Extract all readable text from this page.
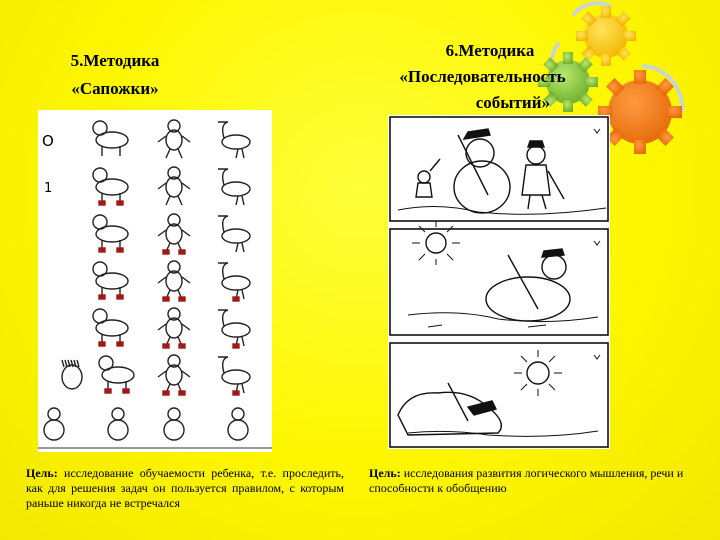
5.Методика

«Сапожки»

6.Методика

«Последовательность

событий»

O
1

Цель: исследование обучаемости ребенка, т.е. проследить, как для решения задач он пользуется правилом, с которым раньше никогда не встречался

Цель: исследования развития логического мышления, речи и способности к обобщению
